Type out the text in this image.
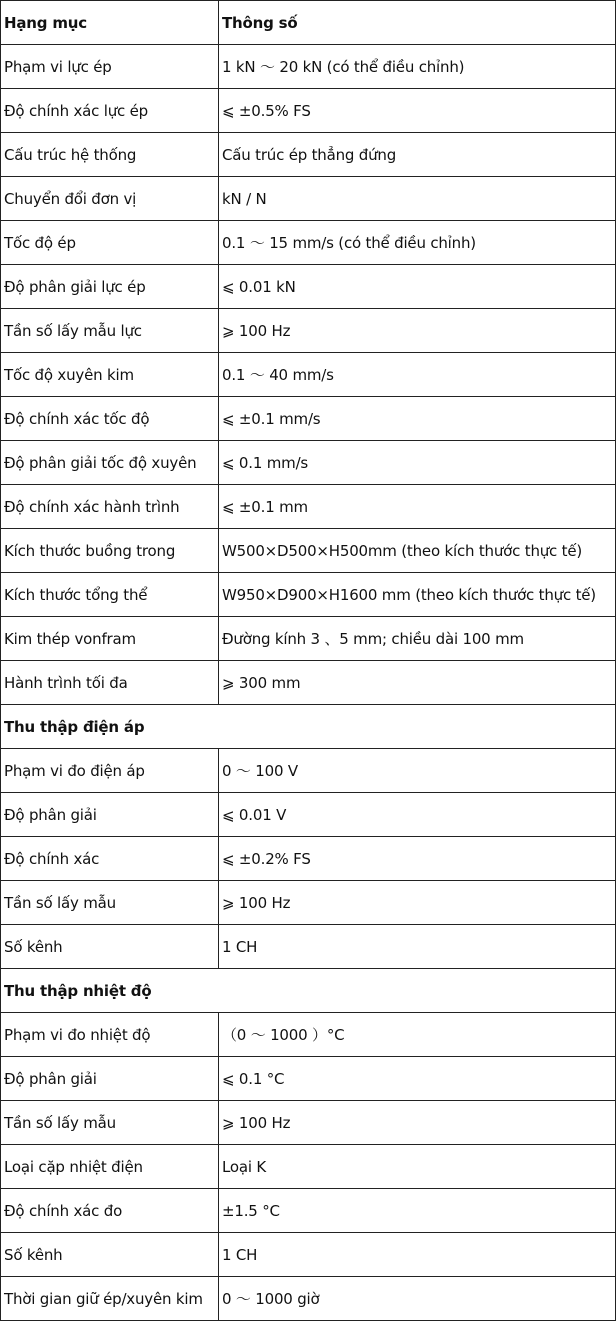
Hạng mục	Thông số
Phạm vi lực ép	1 kN ～ 20 kN (có thể điều chỉnh)
Độ chính xác lực ép	⩽ ±0.5% FS
Cấu trúc hệ thống	Cấu trúc ép thẳng đứng
Chuyển đổi đơn vị	kN / N
Tốc độ ép	0.1 ～ 15 mm/s (có thể điều chỉnh)
Độ phân giải lực ép	⩽ 0.01 kN
Tần số lấy mẫu lực	⩾ 100 Hz
Tốc độ xuyên kim	0.1 ～ 40 mm/s
Độ chính xác tốc độ	⩽ ±0.1 mm/s
Độ phân giải tốc độ xuyên	⩽ 0.1 mm/s
Độ chính xác hành trình	⩽ ±0.1 mm
Kích thước buồng trong	W500×D500×H500mm (theo kích thước thực tế)
Kích thước tổng thể	W950×D900×H1600 mm (theo kích thước thực tế)
Kim thép vonfram	Đường kính 3 、5 mm; chiều dài 100 mm
Hành trình tối đa	⩾ 300 mm
Thu thập điện áp	
Phạm vi đo điện áp	0 ～ 100 V
Độ phân giải	⩽ 0.01 V
Độ chính xác	⩽ ±0.2% FS
Tần số lấy mẫu	⩾ 100 Hz
Số kênh	1 CH
Thu thập nhiệt độ	
Phạm vi đo nhiệt độ	（0 ～ 1000 ）°C
Độ phân giải	⩽ 0.1 °C
Tần số lấy mẫu	⩾ 100 Hz
Loại cặp nhiệt điện	Loại K
Độ chính xác đo	±1.5 °C
Số kênh	1 CH
Thời gian giữ ép/xuyên kim	0 ～ 1000 giờ
